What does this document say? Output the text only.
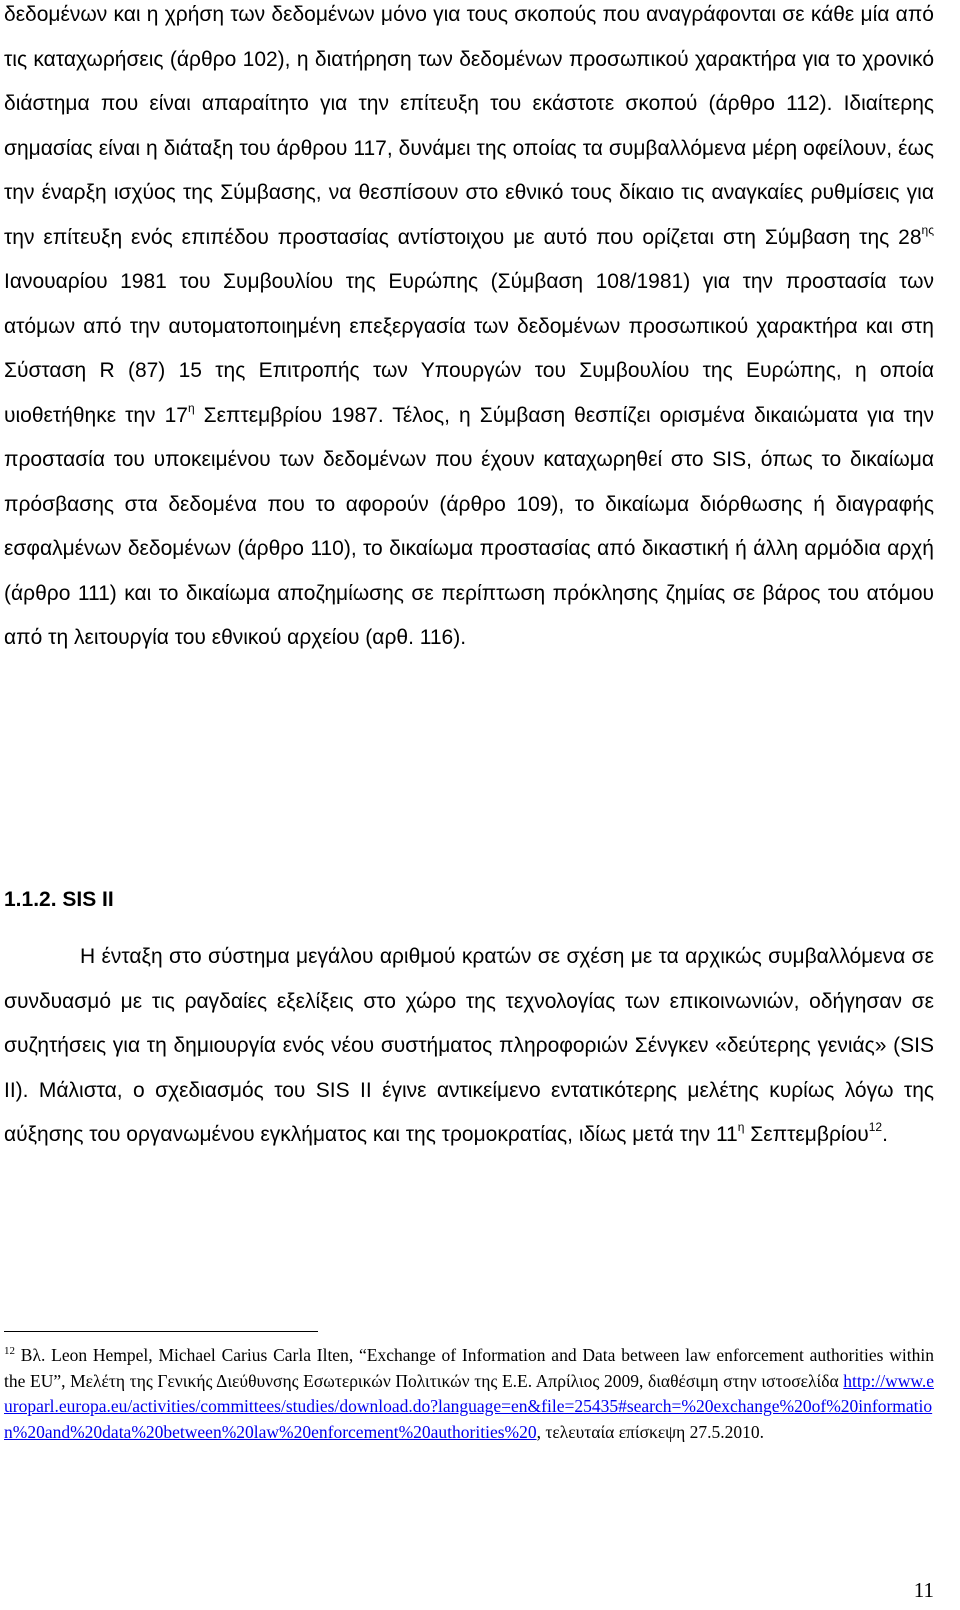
δεδομένων και η χρήση των δεδομένων μόνο για τους σκοπούς που αναγράφονται σε κάθε μία από τις καταχωρήσεις (άρθρο 102), η διατήρηση των δεδομένων προσωπικού χαρακτήρα για το χρονικό διάστημα που είναι απαραίτητο για την επίτευξη του εκάστοτε σκοπού (άρθρο 112). Ιδιαίτερης σημασίας είναι η διάταξη του άρθρου 117, δυνάμει της οποίας τα συμβαλλόμενα μέρη οφείλουν, έως την έναρξη ισχύος της Σύμβασης, να θεσπίσουν στο εθνικό τους δίκαιο τις αναγκαίες ρυθμίσεις για την επίτευξη ενός επιπέδου προστασίας αντίστοιχου με αυτό που ορίζεται στη Σύμβαση της $28^{\eta\varsigma}$ Ιανουαρίου 1981 του Συμβουλίου της Ευρώπης (Σύμβαση 108/1981) για την προστασία των ατόμων από την αυτοματοποιημένη επεξεργασία των δεδομένων προσωπικού χαρακτήρα και στη Σύσταση R (87) 15 της Επιτροπής των Υπουργών του Συμβουλίου της Ευρώπης, η οποία υιοθετήθηκε την $17^\eta$ Σεπτεμβρίου 1987. Τέλος, η Σύμβαση θεσπίζει ορισμένα δικαιώματα για την προστασία του υποκειμένου των δεδομένων που έχουν καταχωρηθεί στο SIS, όπως το δικαίωμα πρόσβασης στα δεδομένα που το αφορούν (άρθρο 109), το δικαίωμα διόρθωσης ή διαγραφής εσφαλμένων δεδομένων (άρθρο 110), το δικαίωμα προστασίας από δικαστική ή άλλη αρμόδια αρχή (άρθρο 111) και το δικαίωμα αποζημίωσης σε περίπτωση πρόκλησης ζημίας σε βάρος του ατόμου από τη λειτουργία του εθνικού αρχείου (αρθ. 116).

1.1.2. SIS II

Η ένταξη στο σύστημα μεγάλου αριθμού κρατών σε σχέση με τα αρχικώς συμβαλλόμενα σε συνδυασμό με τις ραγδαίες εξελίξεις στο χώρο της τεχνολογίας των επικοινωνιών, οδήγησαν σε συζητήσεις για τη δημιουργία ενός νέου συστήματος πληροφοριών Σένγκεν «δεύτερης γενιάς» (SIS II). Μάλιστα, ο σχεδιασμός του SIS II έγινε αντικείμενο εντατικότερης μελέτης κυρίως λόγω της αύξησης του οργανωμένου εγκλήματος και της τρομοκρατίας, ιδίως μετά την $11^\eta$ Σεπτεμβρίου$^{12}$.

$^{12}$ Βλ. Leon Hempel, Michael Carius Carla Ilten, “Exchange of Information and Data between law enforcement authorities within the EU”, Μελέτη της Γενικής Διεύθυνσης Εσωτερικών Πολιτικών της Ε.Ε. Απρίλιος 2009, διαθέσιμη στην ιστοσελίδα http://www.europarl.europa.eu/activities/committees/studies/download.do?language=en&file=25435#search=%20exchange%20of%20information%20and%20data%20between%20law%20enforcement%20authorities%20, τελευταία επίσκεψη 27.5.2010.

11
